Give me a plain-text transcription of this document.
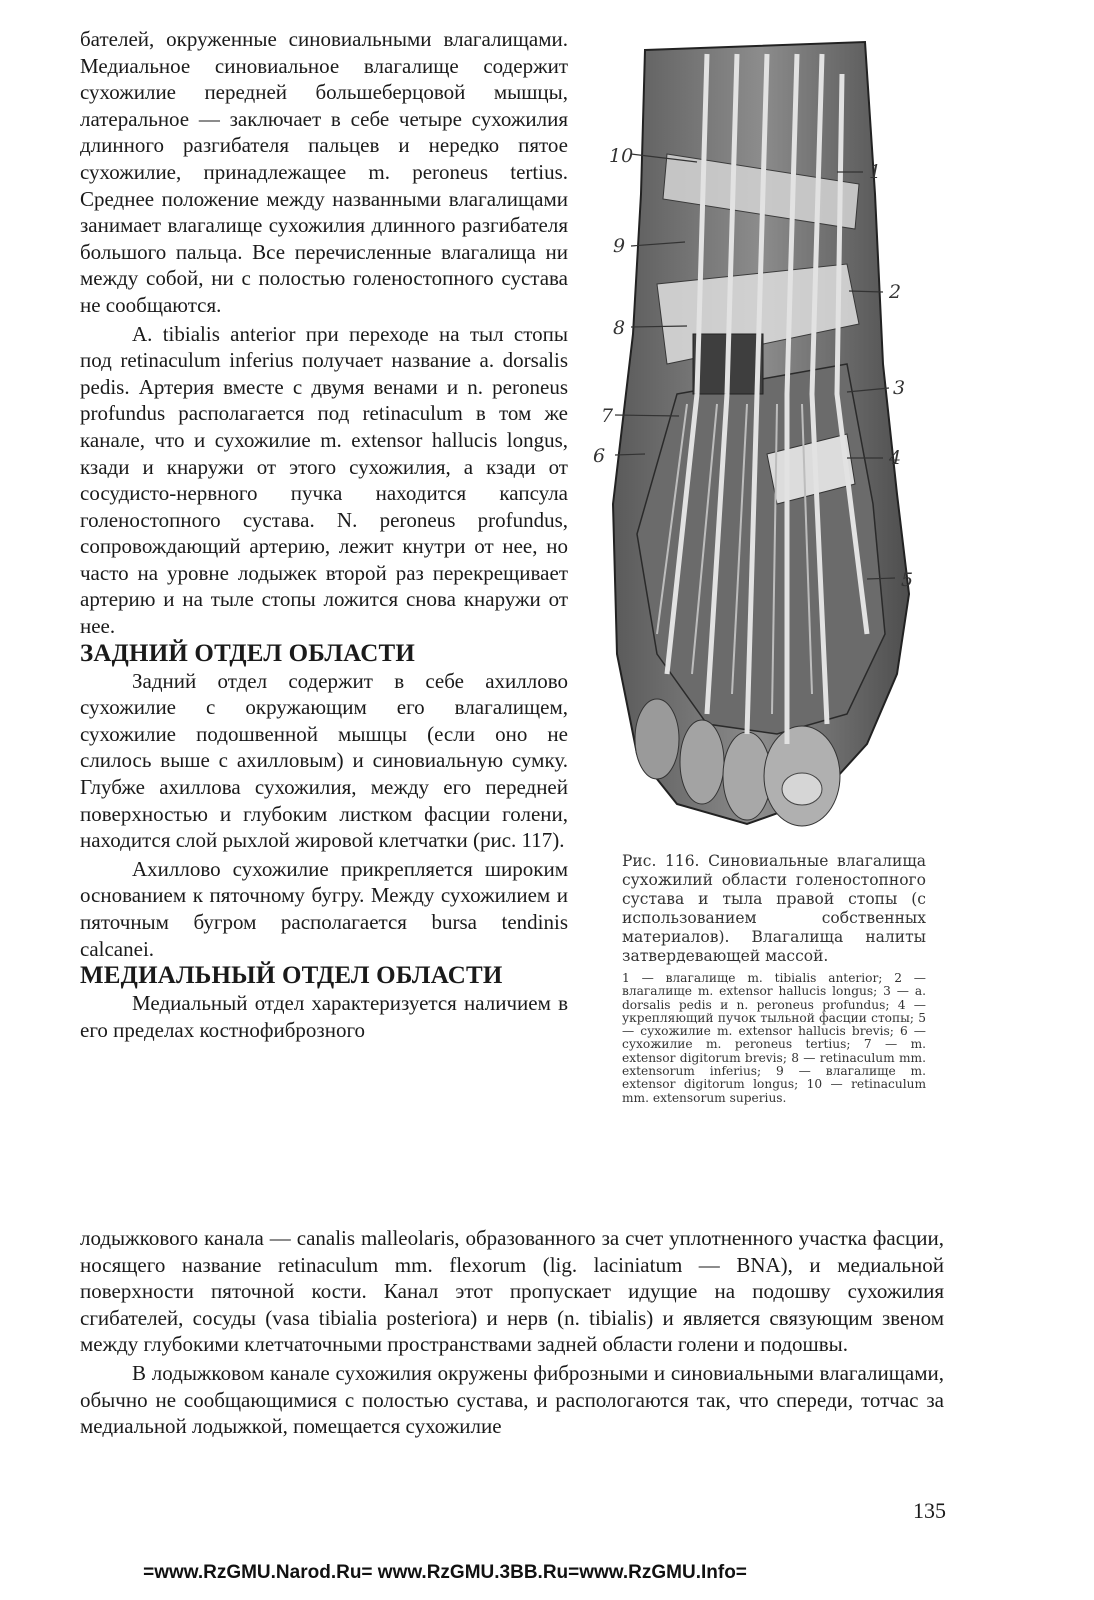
бателей, окруженные синовиальными влагалищами. Медиальное синовиальное влагалище содержит сухожилие передней большеберцовой мышцы, латеральное — заключает в себе четыре сухожилия длинного разгибателя пальцев и нередко пятое сухожилие, принадлежащее m. peroneus tertius. Среднее положение между названными влагалищами занимает влагалище сухожилия длинного разгибателя большого пальца. Все перечисленные влагалища ни между собой, ни с полостью голеностопного сустава не сообщаются.

A. tibialis anterior при переходе на тыл стопы под retinaculum inferius получает название a. dorsalis pedis. Артерия вместе с двумя венами и n. peroneus profundus располагается под retinaculum в том же канале, что и сухожилие m. extensor hallucis longus, кзади и кнаружи от этого сухожилия, а кзади от сосудисто-нервного пучка находится капсула голеностопного сустава. N. peroneus profundus, сопровождающий артерию, лежит кнутри от нее, но часто на уровне лодыжек второй раз перекрещивает артерию и на тыле стопы ложится снова кнаружи от нее.

ЗАДНИЙ ОТДЕЛ ОБЛАСТИ

Задний отдел содержит в себе ахиллово сухожилие с окружающим его влагалищем, сухожилие подошвенной мышцы (если оно не слилось выше с ахилловым) и синовиальную сумку. Глубже ахиллова сухожилия, между его передней поверхностью и глубоким листком фасции голени, находится слой рыхлой жировой клетчатки (рис. 117).

Ахиллово сухожилие прикрепляется широким основанием к пяточному бугру. Между сухожилием и пяточным бугром располагается bursa tendinis calcanei.

МЕДИАЛЬНЫЙ ОТДЕЛ ОБЛАСТИ

Медиальный отдел характеризуется наличием в его пределах костнофиброзного

10
1
9
2
8
3
7
4
6
5

Рис. 116. Синовиальные влагалища сухожилий области голеностопного сустава и тыла правой стопы (с использованием собственных материалов). Влагалища налиты затвердевающей массой.

1 — влагалище m. tibialis anterior; 2 — влагалище m. extensor hallucis longus; 3 — a. dorsalis pedis и n. peroneus profundus; 4 — укрепляющий пучок тыльной фасции стопы; 5 — сухожилие m. extensor hallucis brevis; 6 — сухожилие m. peroneus tertius; 7 — m. extensor digitorum brevis; 8 — retinaculum mm. extensorum inferius; 9 — влагалище m. extensor digitorum longus; 10 — retinaculum mm. extensorum superius.

лодыжкового канала — canalis malleolaris, образованного за счет уплотненного участка фасции, носящего название retinaculum mm. flexorum (lig. laciniatum — BNA), и медиальной поверхности пяточной кости. Канал этот пропускает идущие на подошву сухожилия сгибателей, сосуды (vasa tibialia posteriora) и нерв (n. tibialis) и является связующим звеном между глубокими клетчаточными пространствами задней области голени и подошвы.

В лодыжковом канале сухожилия окружены фиброзными и синовиальными влагалищами, обычно не сообщающимися с полостью сустава, и распологаются так, что спереди, тотчас за медиальной лодыжкой, помещается сухожилие

135
=www.RzGMU.Narod.Ru= www.RzGMU.3BB.Ru=www.RzGMU.Info=
